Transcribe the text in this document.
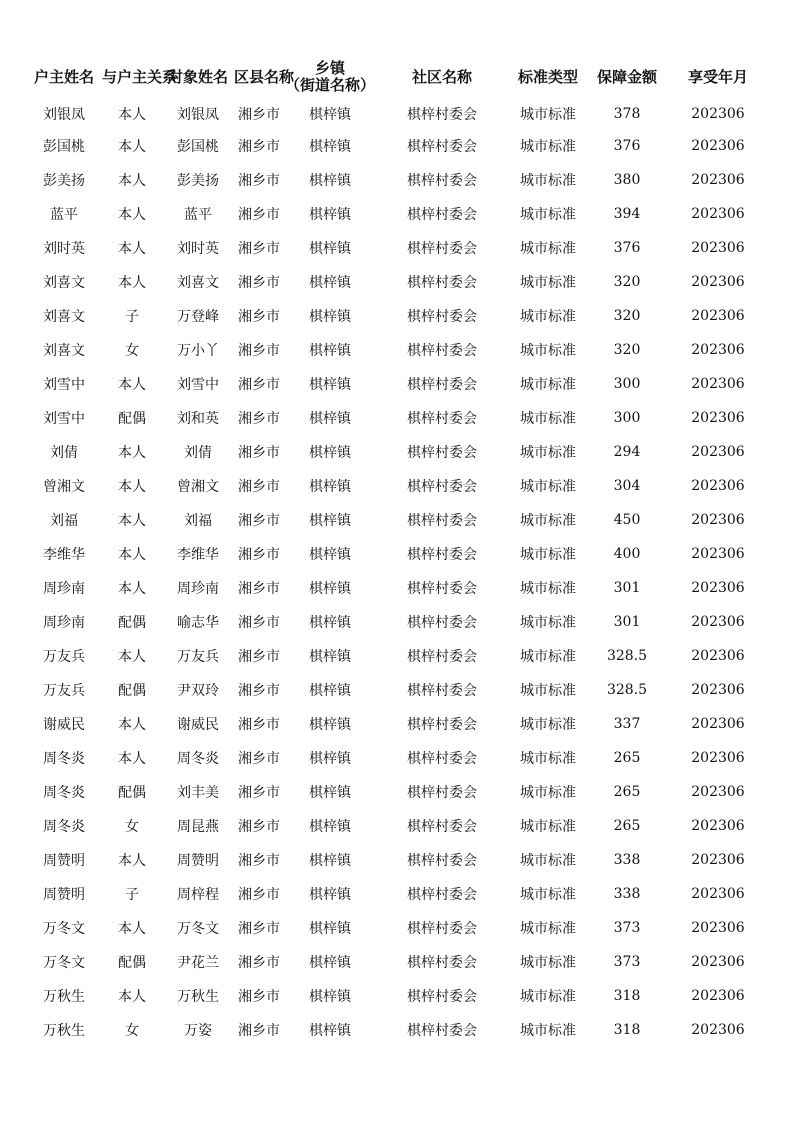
户主姓名	与户主关系	对象姓名	区县名称	乡镇（街道名称）	社区名称	标准类型	保障金额	享受年月
刘银凤	本人	刘银凤	湘乡市	棋梓镇	棋梓村委会	城市标准	378	202306
彭国桃	本人	彭国桃	湘乡市	棋梓镇	棋梓村委会	城市标准	376	202306
彭美扬	本人	彭美扬	湘乡市	棋梓镇	棋梓村委会	城市标准	380	202306
蓝平	本人	蓝平	湘乡市	棋梓镇	棋梓村委会	城市标准	394	202306
刘时英	本人	刘时英	湘乡市	棋梓镇	棋梓村委会	城市标准	376	202306
刘喜文	本人	刘喜文	湘乡市	棋梓镇	棋梓村委会	城市标准	320	202306
刘喜文	子	万登峰	湘乡市	棋梓镇	棋梓村委会	城市标准	320	202306
刘喜文	女	万小丫	湘乡市	棋梓镇	棋梓村委会	城市标准	320	202306
刘雪中	本人	刘雪中	湘乡市	棋梓镇	棋梓村委会	城市标准	300	202306
刘雪中	配偶	刘和英	湘乡市	棋梓镇	棋梓村委会	城市标准	300	202306
刘倩	本人	刘倩	湘乡市	棋梓镇	棋梓村委会	城市标准	294	202306
曾湘文	本人	曾湘文	湘乡市	棋梓镇	棋梓村委会	城市标准	304	202306
刘福	本人	刘福	湘乡市	棋梓镇	棋梓村委会	城市标准	450	202306
李维华	本人	李维华	湘乡市	棋梓镇	棋梓村委会	城市标准	400	202306
周珍南	本人	周珍南	湘乡市	棋梓镇	棋梓村委会	城市标准	301	202306
周珍南	配偶	喻志华	湘乡市	棋梓镇	棋梓村委会	城市标准	301	202306
万友兵	本人	万友兵	湘乡市	棋梓镇	棋梓村委会	城市标准	328.5	202306
万友兵	配偶	尹双玲	湘乡市	棋梓镇	棋梓村委会	城市标准	328.5	202306
谢威民	本人	谢威民	湘乡市	棋梓镇	棋梓村委会	城市标准	337	202306
周冬炎	本人	周冬炎	湘乡市	棋梓镇	棋梓村委会	城市标准	265	202306
周冬炎	配偶	刘丰美	湘乡市	棋梓镇	棋梓村委会	城市标准	265	202306
周冬炎	女	周昆燕	湘乡市	棋梓镇	棋梓村委会	城市标准	265	202306
周赞明	本人	周赞明	湘乡市	棋梓镇	棋梓村委会	城市标准	338	202306
周赞明	子	周梓程	湘乡市	棋梓镇	棋梓村委会	城市标准	338	202306
万冬文	本人	万冬文	湘乡市	棋梓镇	棋梓村委会	城市标准	373	202306
万冬文	配偶	尹花兰	湘乡市	棋梓镇	棋梓村委会	城市标准	373	202306
万秋生	本人	万秋生	湘乡市	棋梓镇	棋梓村委会	城市标准	318	202306
万秋生	女	万姿	湘乡市	棋梓镇	棋梓村委会	城市标准	318	202306
